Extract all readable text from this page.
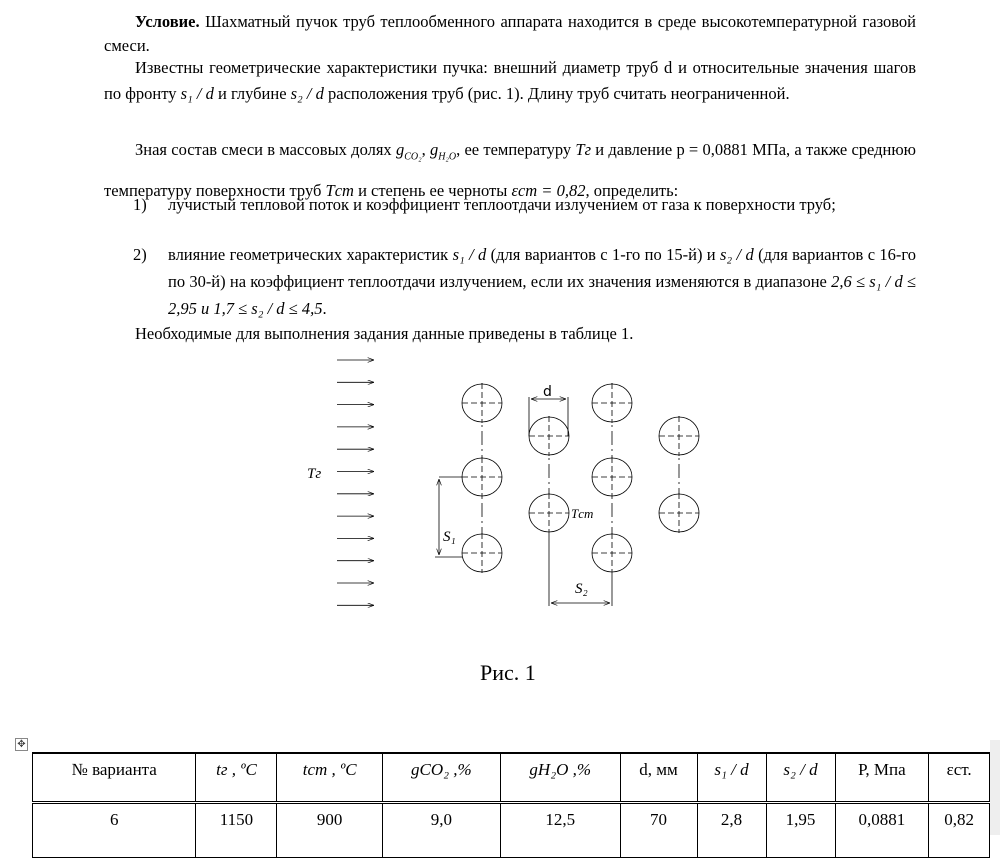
Условие. Шахматный пучок труб теплообменного аппарата находится в среде высокотемпературной газовой смеси.
Известны геометрические характеристики пучка: внешний диаметр труб d и относительные значения шагов по фронту s₁ / d и глубине s₂ / d расположения труб (рис. 1). Длину труб считать неограниченной.
Зная состав смеси в массовых долях $g_{CO_2}$, $g_{H_2O}$, ее температуру Tг и давление p = 0,0881 МПа, а также среднюю температуру поверхности труб Tст и степень ее черноты εст = 0,82, определить:
1) лучистый тепловой поток и коэффициент теплоотдачи излучением от газа к поверхности труб;
2) влияние геометрических характеристик s₁ / d (для вариантов с 1-го по 15-й) и s₂ / d (для вариантов с 16-го по 30-й) на коэффициент теплоотдачи излучением, если их значения изменяются в диапазоне 2,6 ≤ s₁ / d ≤ 2,95 и 1,7 ≤ s₂ / d ≤ 4,5.
Необходимые для выполнения задания данные приведены в таблице 1.
Tг
Tст
d
S₁
S₂
Рис. 1
✥
№ варианта	tг , ºС	tст , ºС	gCO₂ ,%	gH₂O ,%	d, мм	s₁ / d	s₂ / d	Р, Мпа	εст.
6	1150	900	9,0	12,5	70	2,8	1,95	0,0881	0,82
